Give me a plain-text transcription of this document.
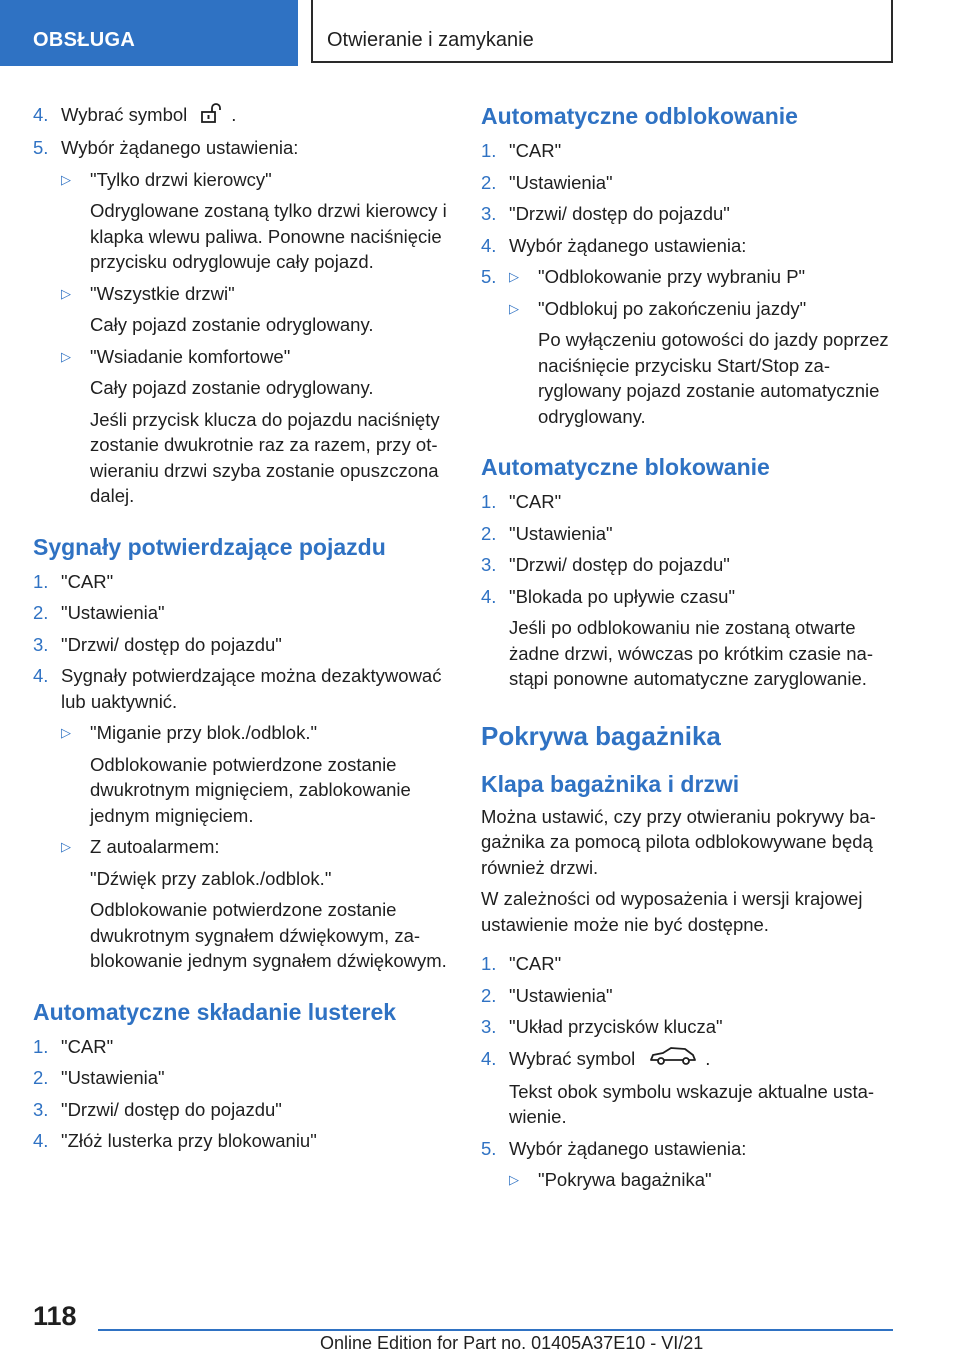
OBSŁUGA	Otwieranie i zamykanie
4. Wybrać symbol .
5. Wybór żądanego ustawienia:
▷ "Tylko drzwi kierowcy"
Odryglowane zostaną tylko drzwi kierowcy i klapka wlewu paliwa. Ponowne naciśnięcie przycisku odryglowuje cały pojazd.
▷ "Wszystkie drzwi"
Cały pojazd zostanie odryglowany.
▷ "Wsiadanie komfortowe"
Cały pojazd zostanie odryglowany.
Jeśli przycisk klucza do pojazdu naciśnięty zostanie dwukrotnie raz za razem, przy otwieraniu drzwi szyba zostanie opuszczona dalej.
Sygnały potwierdzające pojazdu
1. "CAR"
2. "Ustawienia"
3. "Drzwi/ dostęp do pojazdu"
4. Sygnały potwierdzające można dezaktywować lub uaktywnić.
▷ "Miganie przy blok./odblok."
Odblokowanie potwierdzone zostanie dwukrotnym mignięciem, zablokowanie jednym mignięciem.
▷ Z autoalarmem:
"Dźwięk przy zablok./odblok."
Odblokowanie potwierdzone zostanie dwukrotnym sygnałem dźwiękowym, zablokowanie jednym sygnałem dźwiękowym.
Automatyczne składanie lusterek
1. "CAR"
2. "Ustawienia"
3. "Drzwi/ dostęp do pojazdu"
4. "Złóż lusterka przy blokowaniu"
Automatyczne odblokowanie
1. "CAR"
2. "Ustawienia"
3. "Drzwi/ dostęp do pojazdu"
4. Wybór żądanego ustawienia:
5. ▷ "Odblokowanie przy wybraniu P"
▷ "Odblokuj po zakończeniu jazdy"
Po wyłączeniu gotowości do jazdy poprzez naciśnięcie przycisku Start/Stop zaryglowany pojazd zostanie automatycznie odryglowany.
Automatyczne blokowanie
1. "CAR"
2. "Ustawienia"
3. "Drzwi/ dostęp do pojazdu"
4. "Blokada po upływie czasu"
Jeśli po odblokowaniu nie zostaną otwarte żadne drzwi, wówczas po krótkim czasie nastąpi ponowne automatyczne zaryglowanie.
Pokrywa bagażnika
Klapa bagażnika i drzwi
Można ustawić, czy przy otwieraniu pokrywy bagażnika za pomocą pilota odblokowywane będą również drzwi.
W zależności od wyposażenia i wersji krajowej ustawienie może nie być dostępne.
1. "CAR"
2. "Ustawienia"
3. "Układ przycisków klucza"
4. Wybrać symbol	.
Tekst obok symbolu wskazuje aktualne ustawienie.
5. Wybór żądanego ustawienia:
▷ "Pokrywa bagażnika"
118
Online Edition for Part no. 01405A37E10 - VI/21
